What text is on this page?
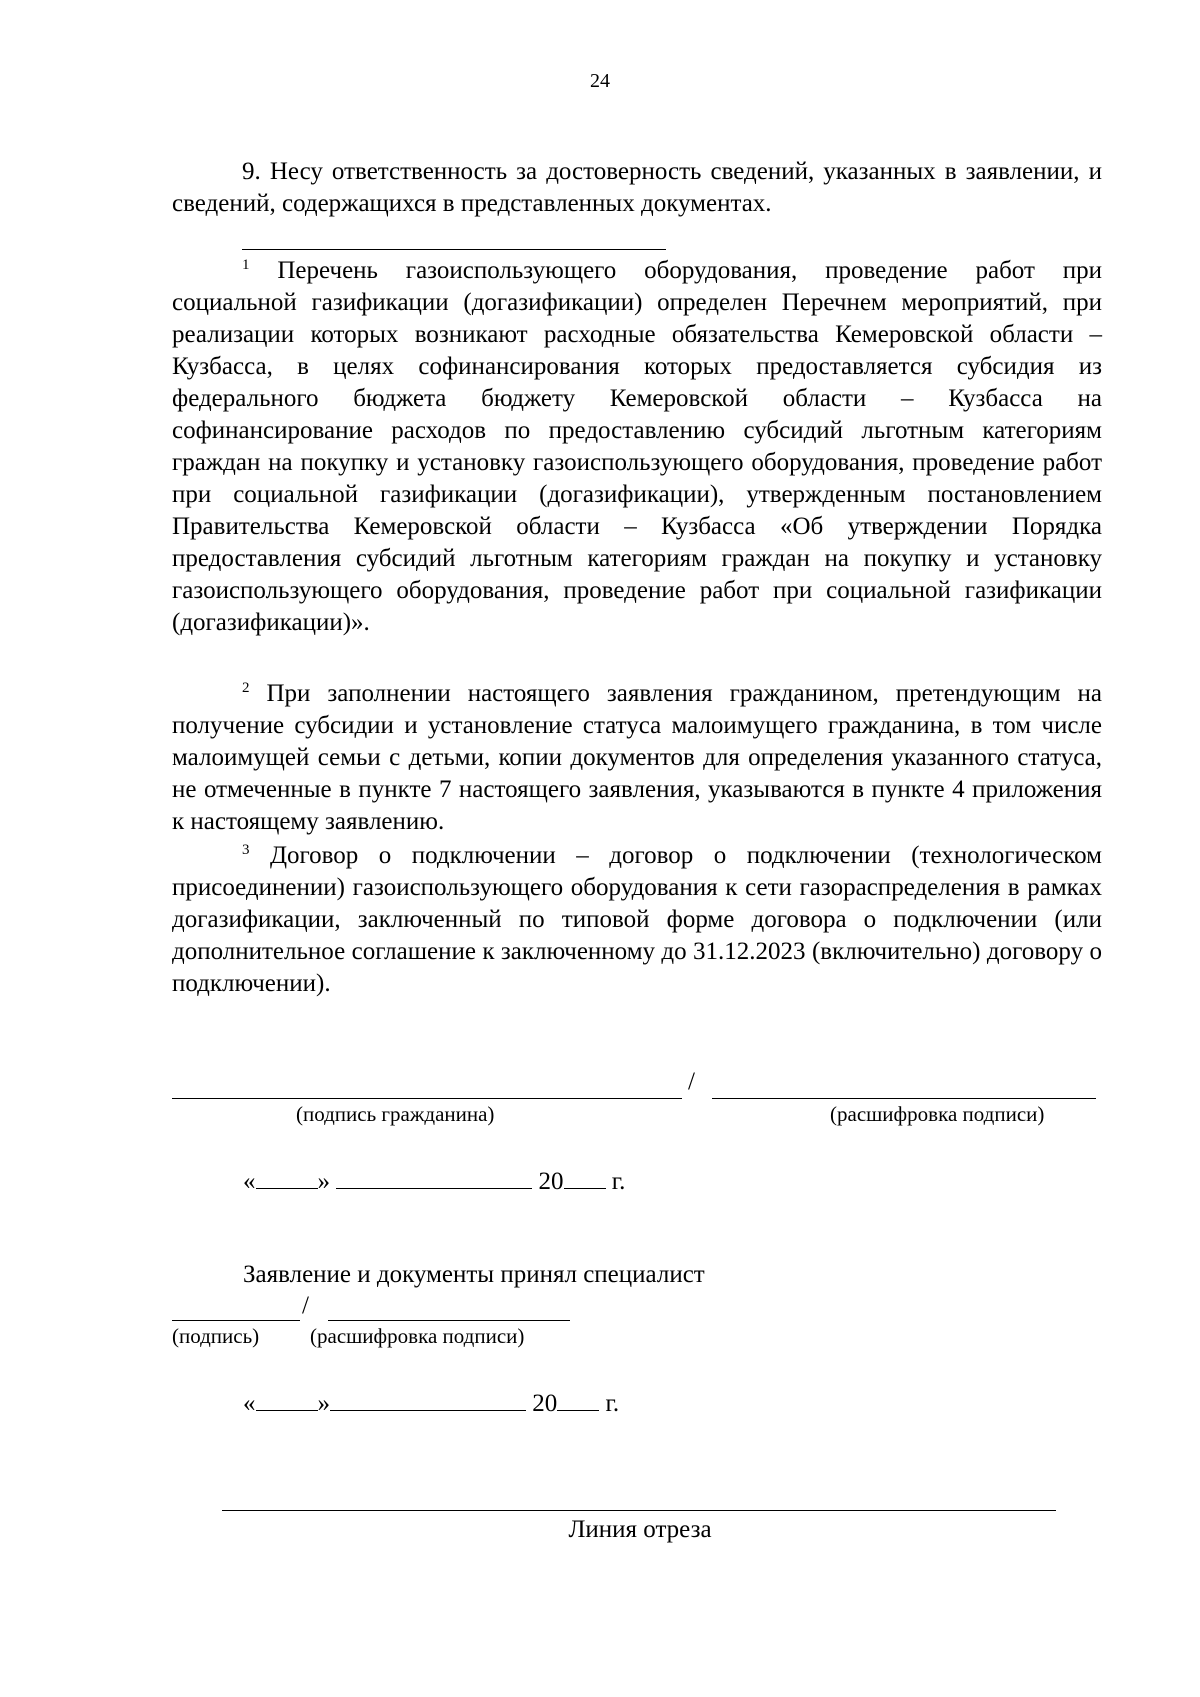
24

9. Несу ответственность за достоверность сведений, указанных в заявлении, и сведений, содержащихся в представленных документах.

$^1$ Перечень газоиспользующего оборудования, проведение работ при социальной газификации (догазификации) определен Перечнем мероприятий, при реализации которых возникают расходные обязательства Кемеровской области – Кузбасса, в целях софинансирования которых предоставляется субсидия из федерального бюджета бюджету Кемеровской области – Кузбасса на софинансирование расходов по предоставлению субсидий льготным категориям граждан на покупку и установку газоиспользующего оборудования, проведение работ при социальной газификации (догазификации), утвержденным постановлением Правительства Кемеровской области – Кузбасса «Об утверждении Порядка предоставления субсидий льготным категориям граждан на покупку и установку газоиспользующего оборудования, проведение работ при социальной газификации (догазификации)».

$^2$ При заполнении настоящего заявления гражданином, претендующим на получение субсидии и установление статуса малоимущего гражданина, в том числе малоимущей семьи с детьми, копии документов для определения указанного статуса, не отмеченные в пункте 7 настоящего заявления, указываются в пункте 4 приложения к настоящему заявлению.

$^3$ Договор о подключении – договор о подключении (технологическом присоединении) газоиспользующего оборудования к сети газораспределения в рамках догазификации, заключенный по типовой форме договора о подключении (или дополнительное соглашение к заключенному до 31.12.2023 (включительно) договору о подключении).

/
(подпись гражданина)	(расшифровка подписи)
« »	20 г.
Заявление и документы принял специалист
/
(подпись) (расшифровка подписи)
« »	20 г.
Линия отреза
